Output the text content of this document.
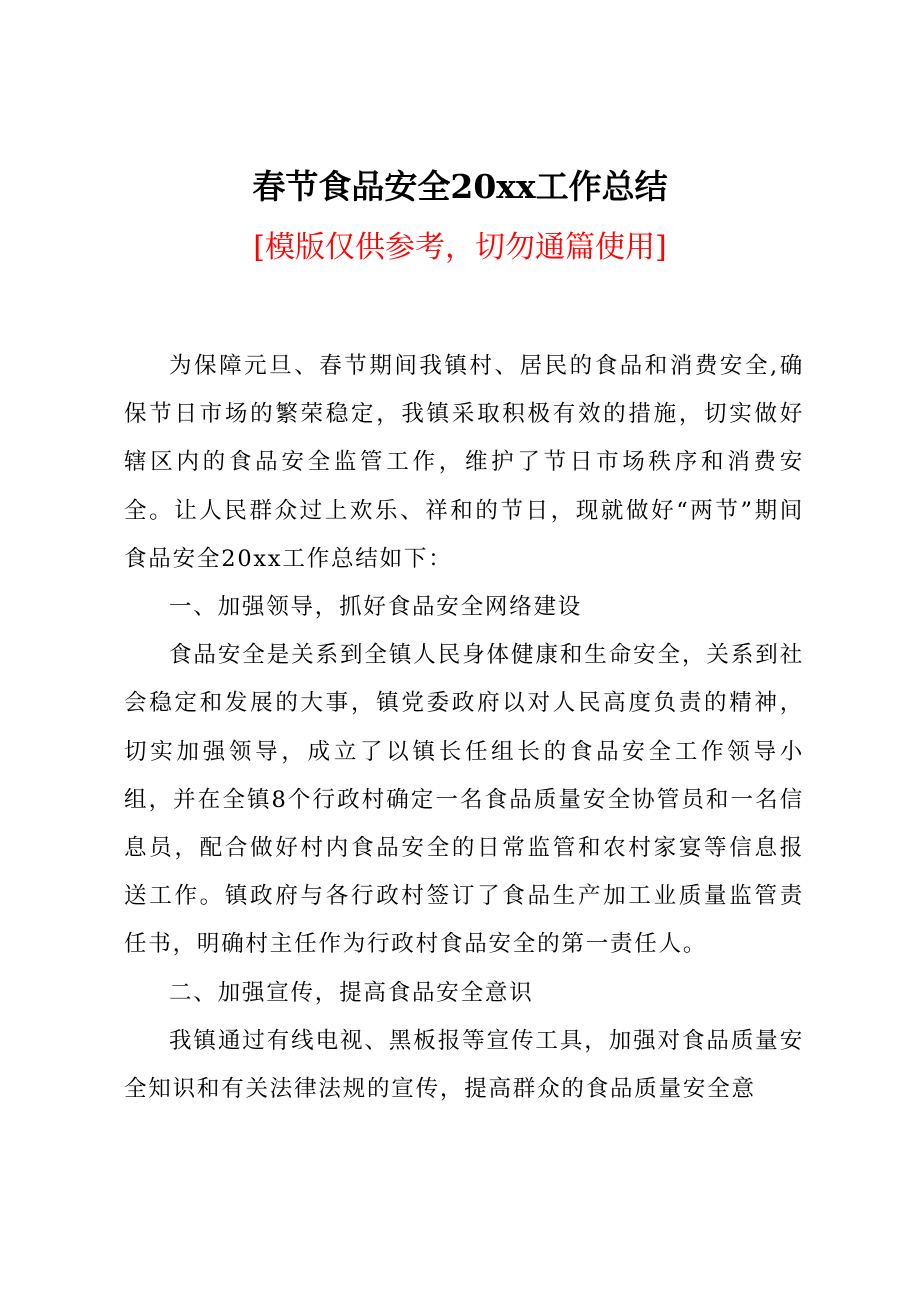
春节食品安全20xx工作总结
[模版仅供参考，切勿通篇使用]

为保障元旦、春节期间我镇村、居民的食品和消费安全,确保节日市场的繁荣稳定，我镇采取积极有效的措施，切实做好辖区内的食品安全监管工作，维护了节日市场秩序和消费安全。让人民群众过上欢乐、祥和的节日，现就做好“两节”期间食品安全20xx工作总结如下：

一、加强领导，抓好食品安全网络建设

食品安全是关系到全镇人民身体健康和生命安全，关系到社会稳定和发展的大事，镇党委政府以对人民高度负责的精神，切实加强领导，成立了以镇长任组长的食品安全工作领导小组，并在全镇8个行政村确定一名食品质量安全协管员和一名信息员，配合做好村内食品安全的日常监管和农村家宴等信息报送工作。镇政府与各行政村签订了食品生产加工业质量监管责任书，明确村主任作为行政村食品安全的第一责任人。

二、加强宣传，提高食品安全意识

我镇通过有线电视、黑板报等宣传工具，加强对食品质量安全知识和有关法律法规的宣传，提高群众的食品质量安全意
